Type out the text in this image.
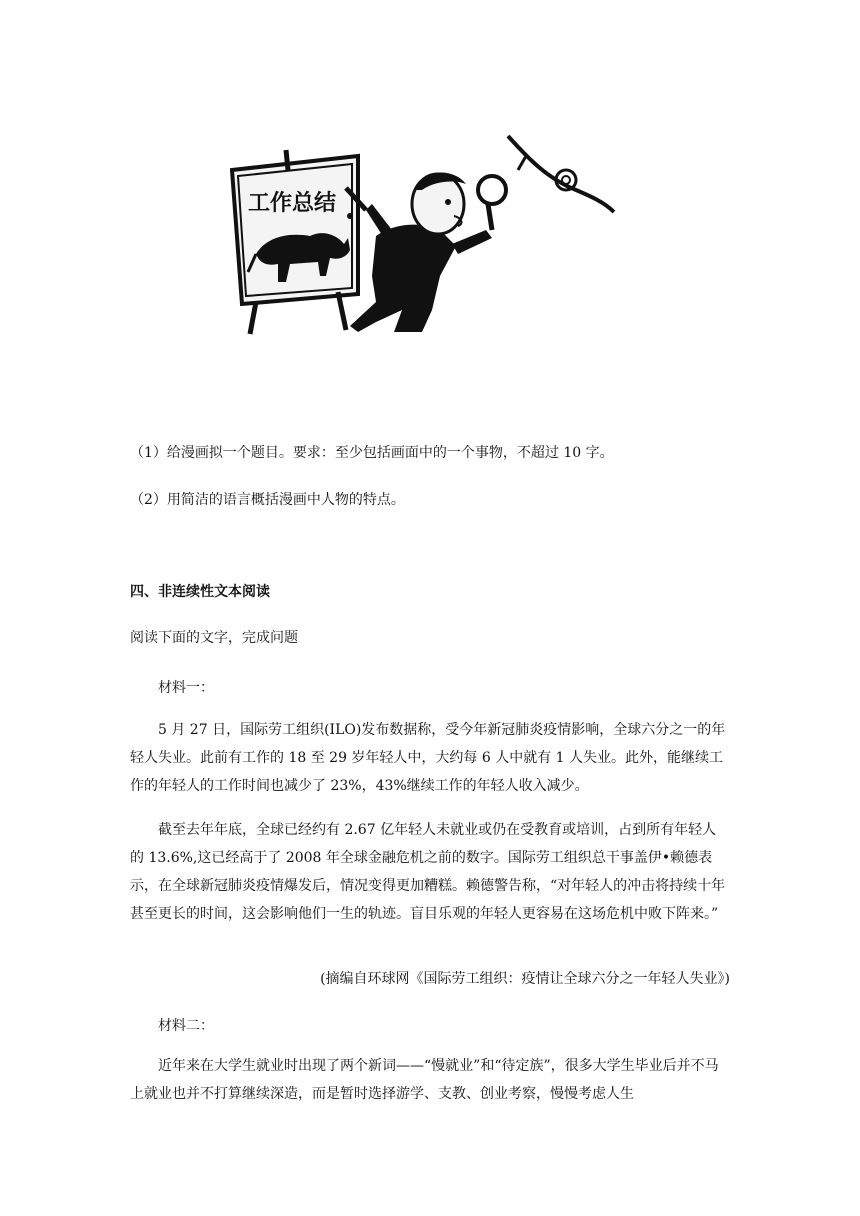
工作总结
（1）给漫画拟一个题目。要求：至少包括画面中的一个事物，不超过 10 字。
（2）用简洁的语言概括漫画中人物的特点。
四、非连续性文本阅读
阅读下面的文字，完成问题
材料一：
5 月 27 日，国际劳工组织(ILO)发布数据称，受今年新冠肺炎疫情影响，全球六分之一的年轻人失业。此前有工作的 18 至 29 岁年轻人中，大约每 6 人中就有 1 人失业。此外，能继续工作的年轻人的工作时间也减少了 23%，43%继续工作的年轻人收入减少。
截至去年年底，全球已经约有 2.67 亿年轻人未就业或仍在受教育或培训，占到所有年轻人的 13.6%,这已经高于了 2008 年全球金融危机之前的数字。国际劳工组织总干事盖伊•赖德表示，在全球新冠肺炎疫情爆发后，情况变得更加糟糕。赖德警告称，“对年轻人的冲击将持续十年甚至更长的时间，这会影响他们一生的轨迹。盲目乐观的年轻人更容易在这场危机中败下阵来。”
(摘编自环球网《国际劳工组织：疫情让全球六分之一年轻人失业》)
材料二：
近年来在大学生就业时出现了两个新词——“慢就业”和“待定族”，很多大学生毕业后并不马上就业也并不打算继续深造，而是暂时选择游学、支教、创业考察，慢慢考虑人生
